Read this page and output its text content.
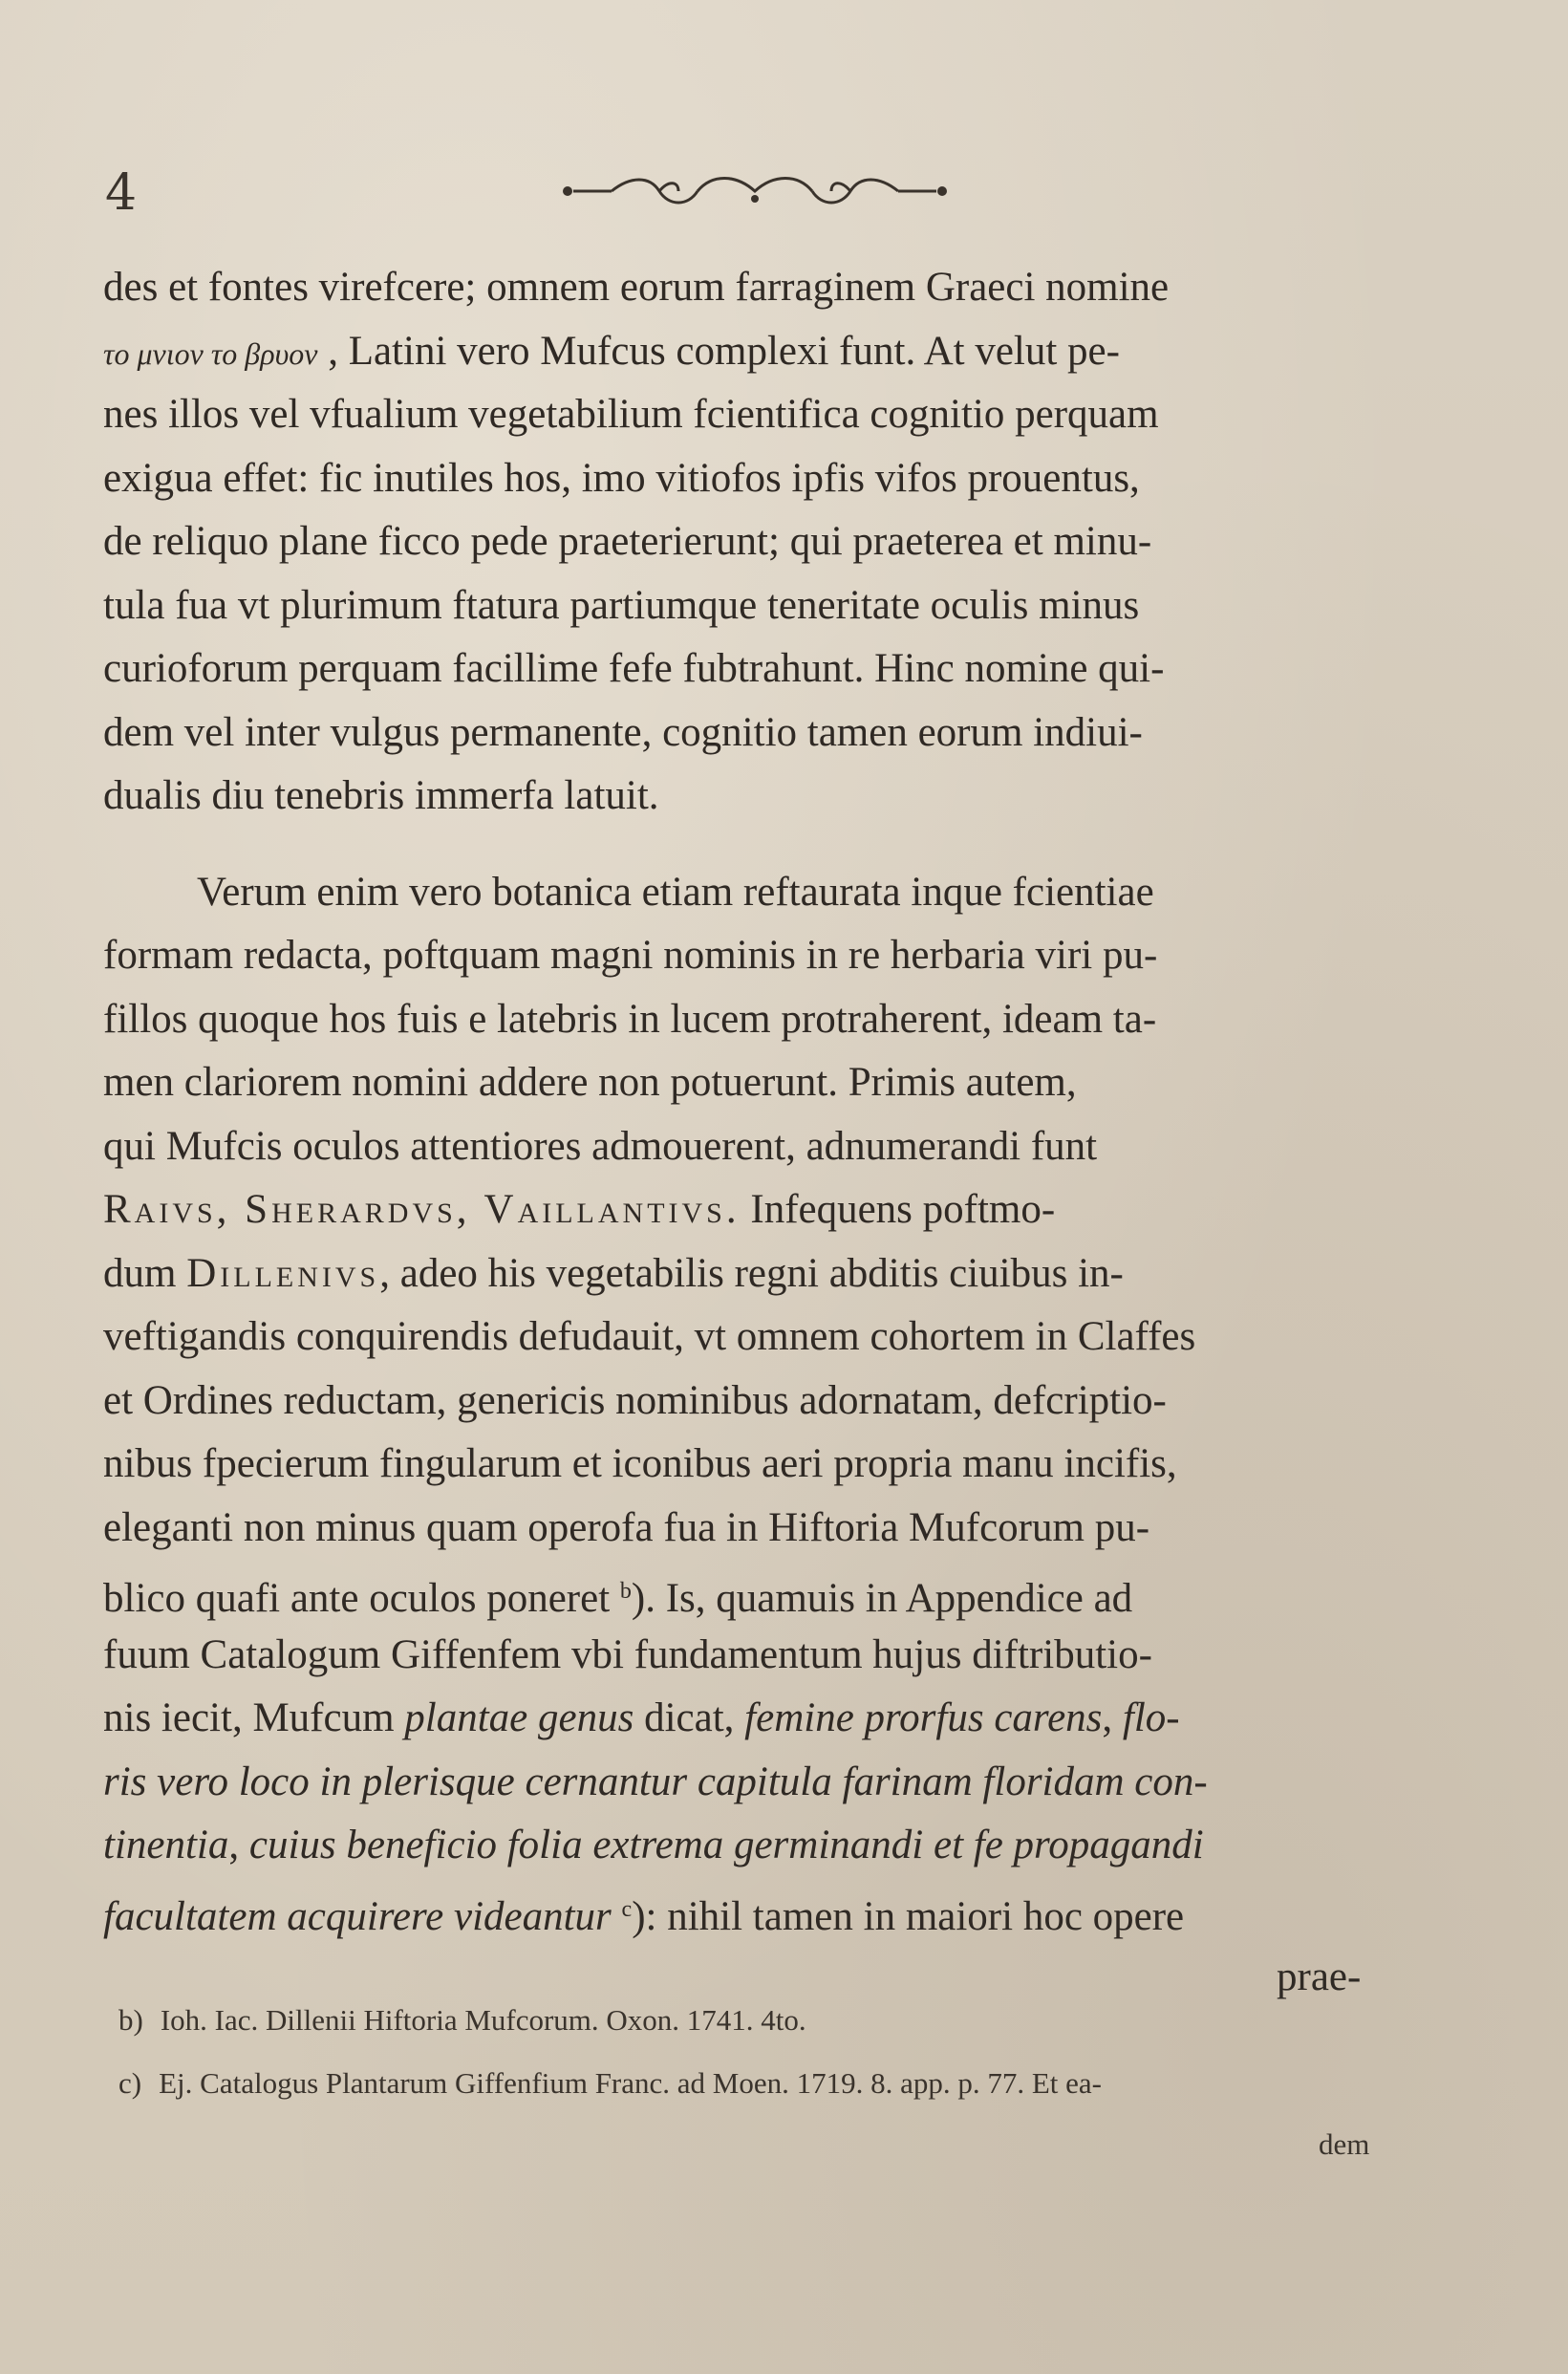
4
des et fontes virefcere; omnem eorum farraginem Graeci nomine
το μνιον το βρυον , Latini vero Mufcus complexi funt. At velut pe-
nes illos vel vfualium vegetabilium fcientifica cognitio perquam
exigua effet: fic inutiles hos, imo vitiofos ipfis vifos prouentus,
de reliquo plane ficco pede praeterierunt; qui praeterea et minu-
tula fua vt plurimum ftatura partiumque teneritate oculis minus
curioforum perquam facillime fefe fubtrahunt. Hinc nomine qui-
dem vel inter vulgus permanente, cognitio tamen eorum indiui-
dualis diu tenebris immerfa latuit.
Verum enim vero botanica etiam reftaurata inque fcientiae
formam redacta, poftquam magni nominis in re herbaria viri pu-
fillos quoque hos fuis e latebris in lucem protraherent, ideam ta-
men clariorem nomini addere non potuerunt. Primis autem,
qui Mufcis oculos attentiores admouerent, adnumerandi funt
Raivs, Sherardvs, Vaillantivs. Infequens poftmo-
dum Dillenivs, adeo his vegetabilis regni abditis ciuibus in-
veftigandis conquirendis defudauit, vt omnem cohortem in Claffes
et Ordines reductam, genericis nominibus adornatam, defcriptio-
nibus fpecierum fingularum et iconibus aeri propria manu incifis,
eleganti non minus quam operofa fua in Hiftoria Mufcorum pu-
blico quafi ante oculos poneret $^b$). Is, quamuis in Appendice ad
fuum Catalogum Giffenfem vbi fundamentum hujus diftributio-
nis iecit, Mufcum plantae genus dicat, femine prorfus carens, flo-
ris vero loco in plerisque cernantur capitula farinam floridam con-
tinentia, cuius beneficio folia extrema germinandi et fe propagandi
facultatem acquirere videantur $^c$): nihil tamen in maiori hoc opere
prae-
b) Ioh. Iac. Dillenii Hiftoria Mufcorum. Oxon. 1741. 4to.
c) Ej. Catalogus Plantarum Giffenfium Franc. ad Moen. 1719. 8. app. p. 77. Et ea-
dem
